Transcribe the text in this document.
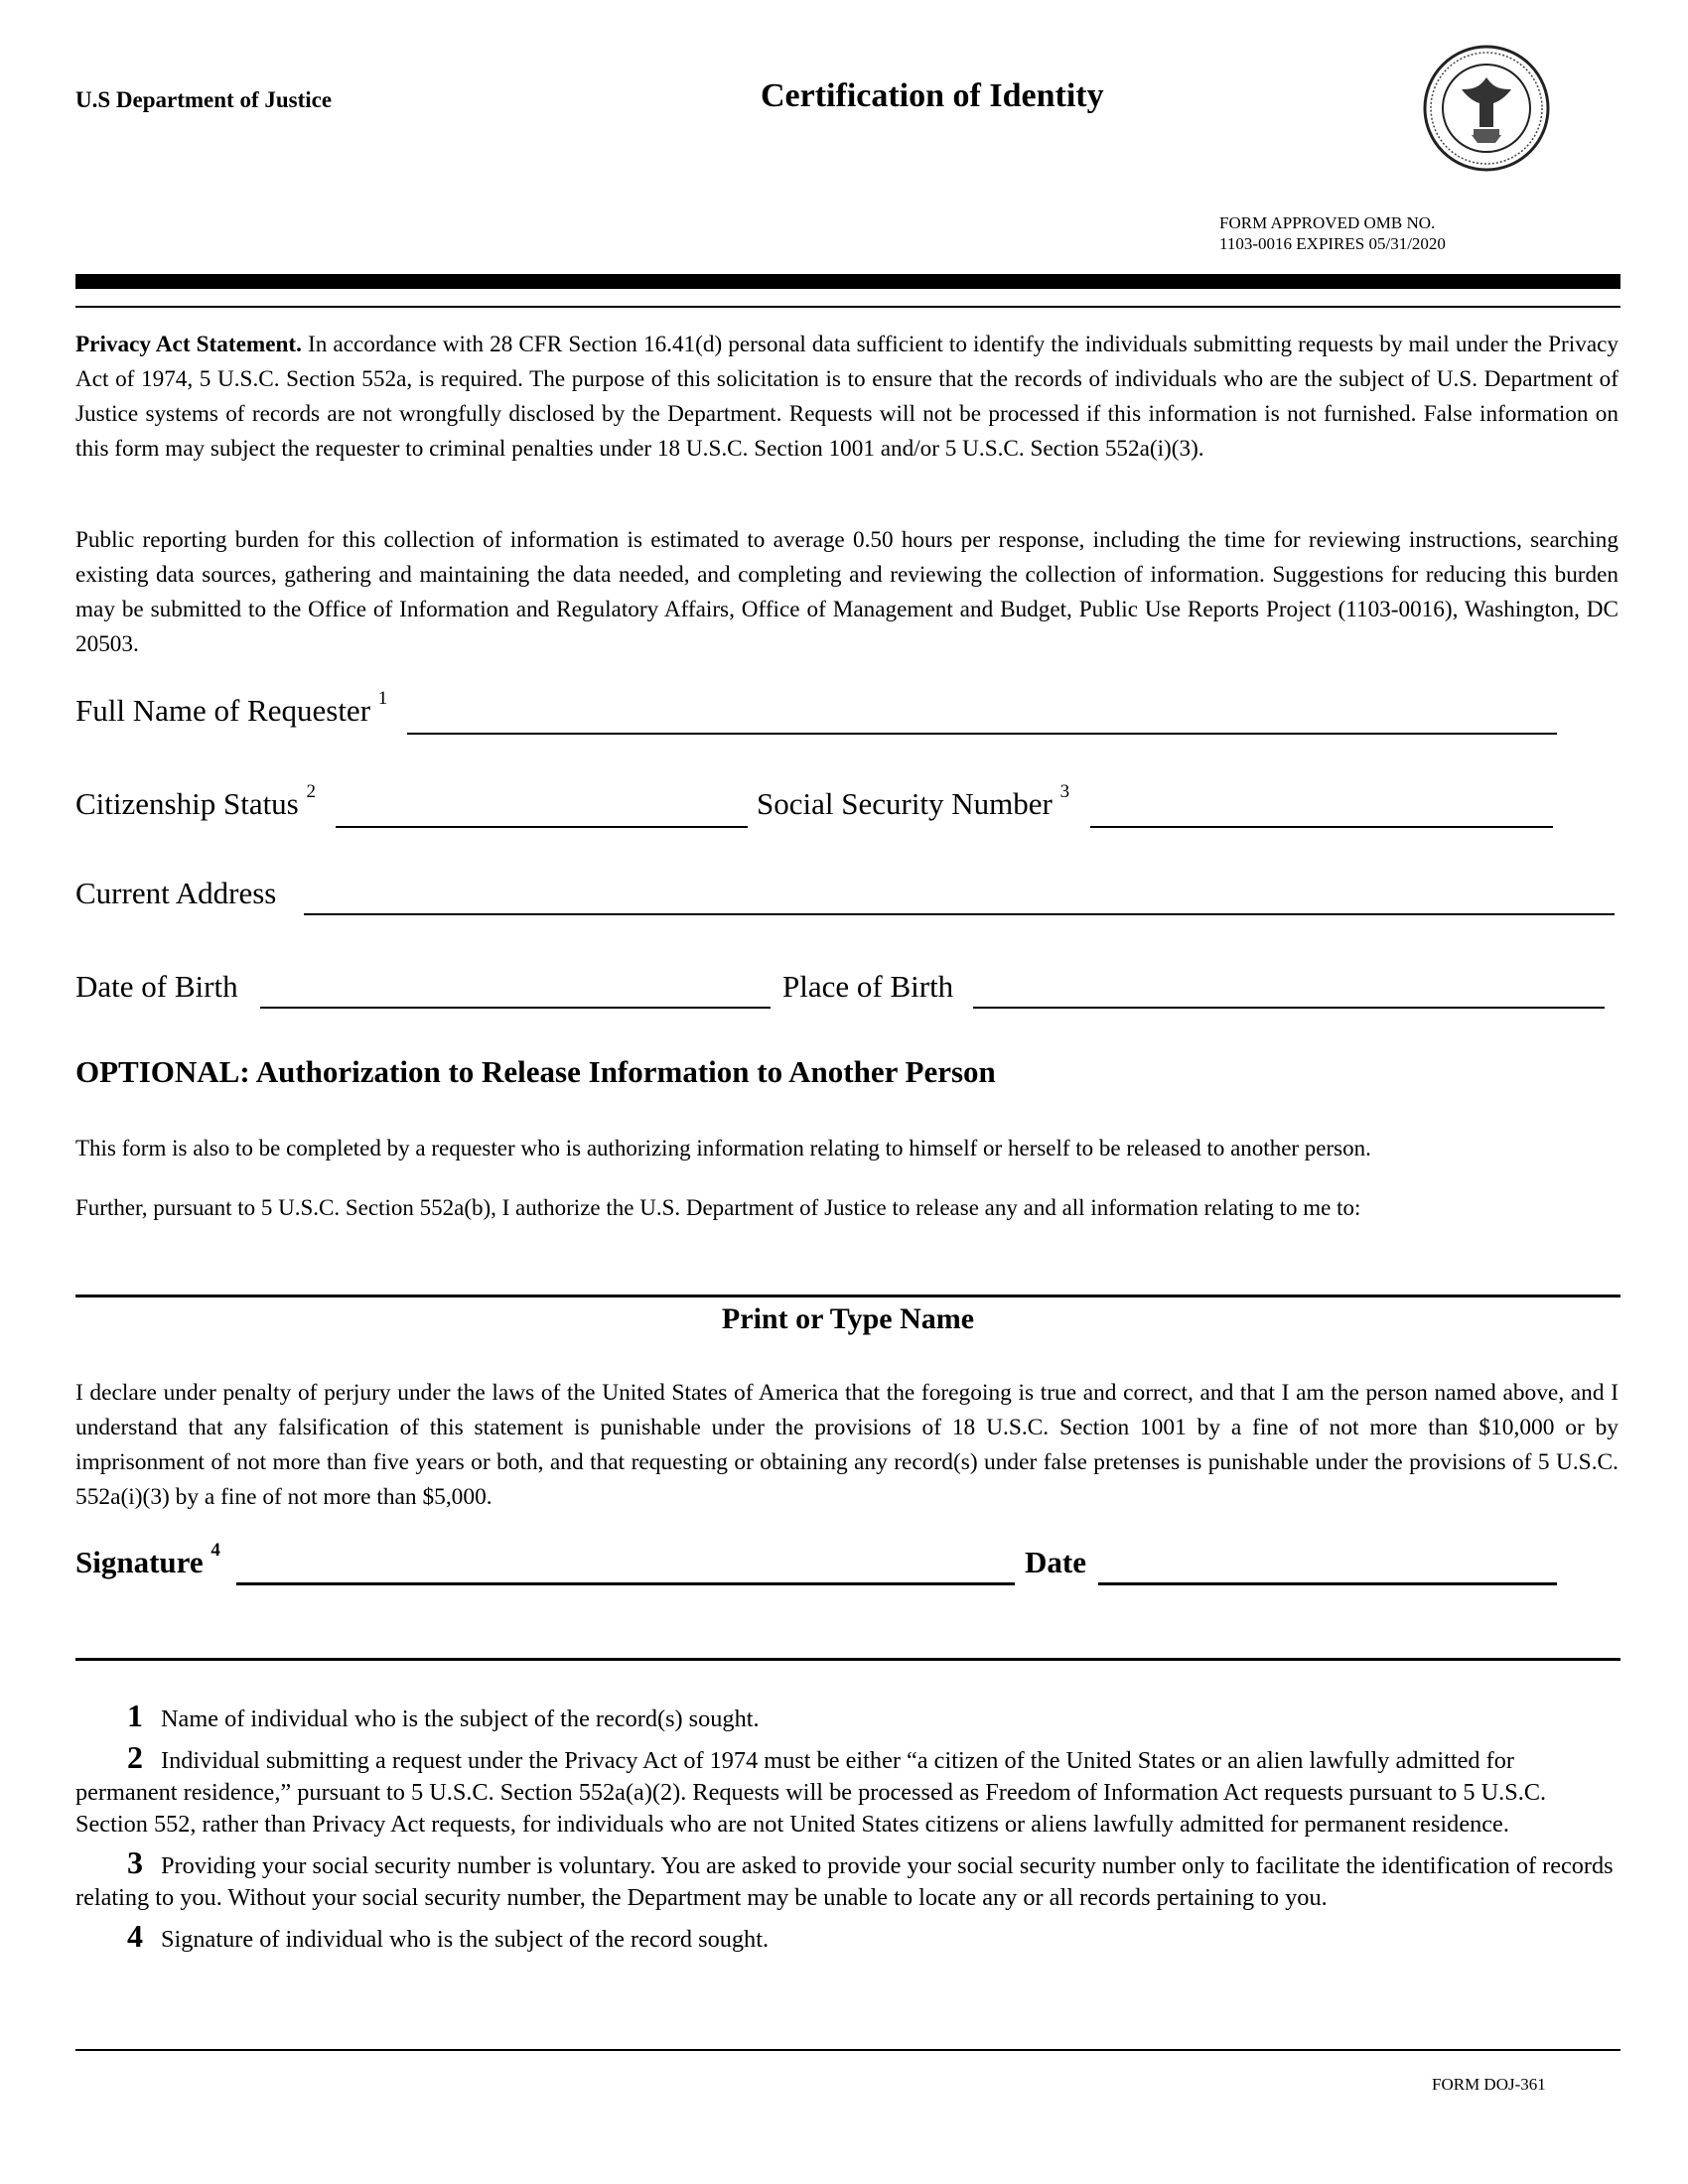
U.S Department of Justice	Certification of Identity
FORM APPROVED OMB NO.
1103-0016 EXPIRES 05/31/2020
Privacy Act Statement. In accordance with 28 CFR Section 16.41(d) personal data sufficient to identify the individuals submitting requests by mail under the Privacy Act of 1974, 5 U.S.C. Section 552a, is required. The purpose of this solicitation is to ensure that the records of individuals who are the subject of U.S. Department of Justice systems of records are not wrongfully disclosed by the Department. Requests will not be processed if this information is not furnished. False information on this form may subject the requester to criminal penalties under 18 U.S.C. Section 1001 and/or 5 U.S.C. Section 552a(i)(3).
Public reporting burden for this collection of information is estimated to average 0.50 hours per response, including the time for reviewing instructions, searching existing data sources, gathering and maintaining the data needed, and completing and reviewing the collection of information. Suggestions for reducing this burden may be submitted to the Office of Information and Regulatory Affairs, Office of Management and Budget, Public Use Reports Project (1103-0016), Washington, DC 20503.
Full Name of Requester $^1$
Citizenship Status $^2$	Social Security Number $^3$
Current Address
Date of Birth	Place of Birth
OPTIONAL: Authorization to Release Information to Another Person
This form is also to be completed by a requester who is authorizing information relating to himself or herself to be released to another person.
Further, pursuant to 5 U.S.C. Section 552a(b), I authorize the U.S. Department of Justice to release any and all information relating to me to:
Print or Type Name
I declare under penalty of perjury under the laws of the United States of America that the foregoing is true and correct, and that I am the person named above, and I understand that any falsification of this statement is punishable under the provisions of 18 U.S.C. Section 1001 by a fine of not more than $10,000 or by imprisonment of not more than five years or both, and that requesting or obtaining any record(s) under false pretenses is punishable under the provisions of 5 U.S.C. 552a(i)(3) by a fine of not more than $5,000.
Signature $^4$	Date
1 Name of individual who is the subject of the record(s) sought.
2 Individual submitting a request under the Privacy Act of 1974 must be either “a citizen of the United States or an alien lawfully admitted for permanent residence,” pursuant to 5 U.S.C. Section 552a(a)(2). Requests will be processed as Freedom of Information Act requests pursuant to 5 U.S.C. Section 552, rather than Privacy Act requests, for individuals who are not United States citizens or aliens lawfully admitted for permanent residence.
3 Providing your social security number is voluntary. You are asked to provide your social security number only to facilitate the identification of records relating to you. Without your social security number, the Department may be unable to locate any or all records pertaining to you.
4 Signature of individual who is the subject of the record sought.
FORM DOJ-361
